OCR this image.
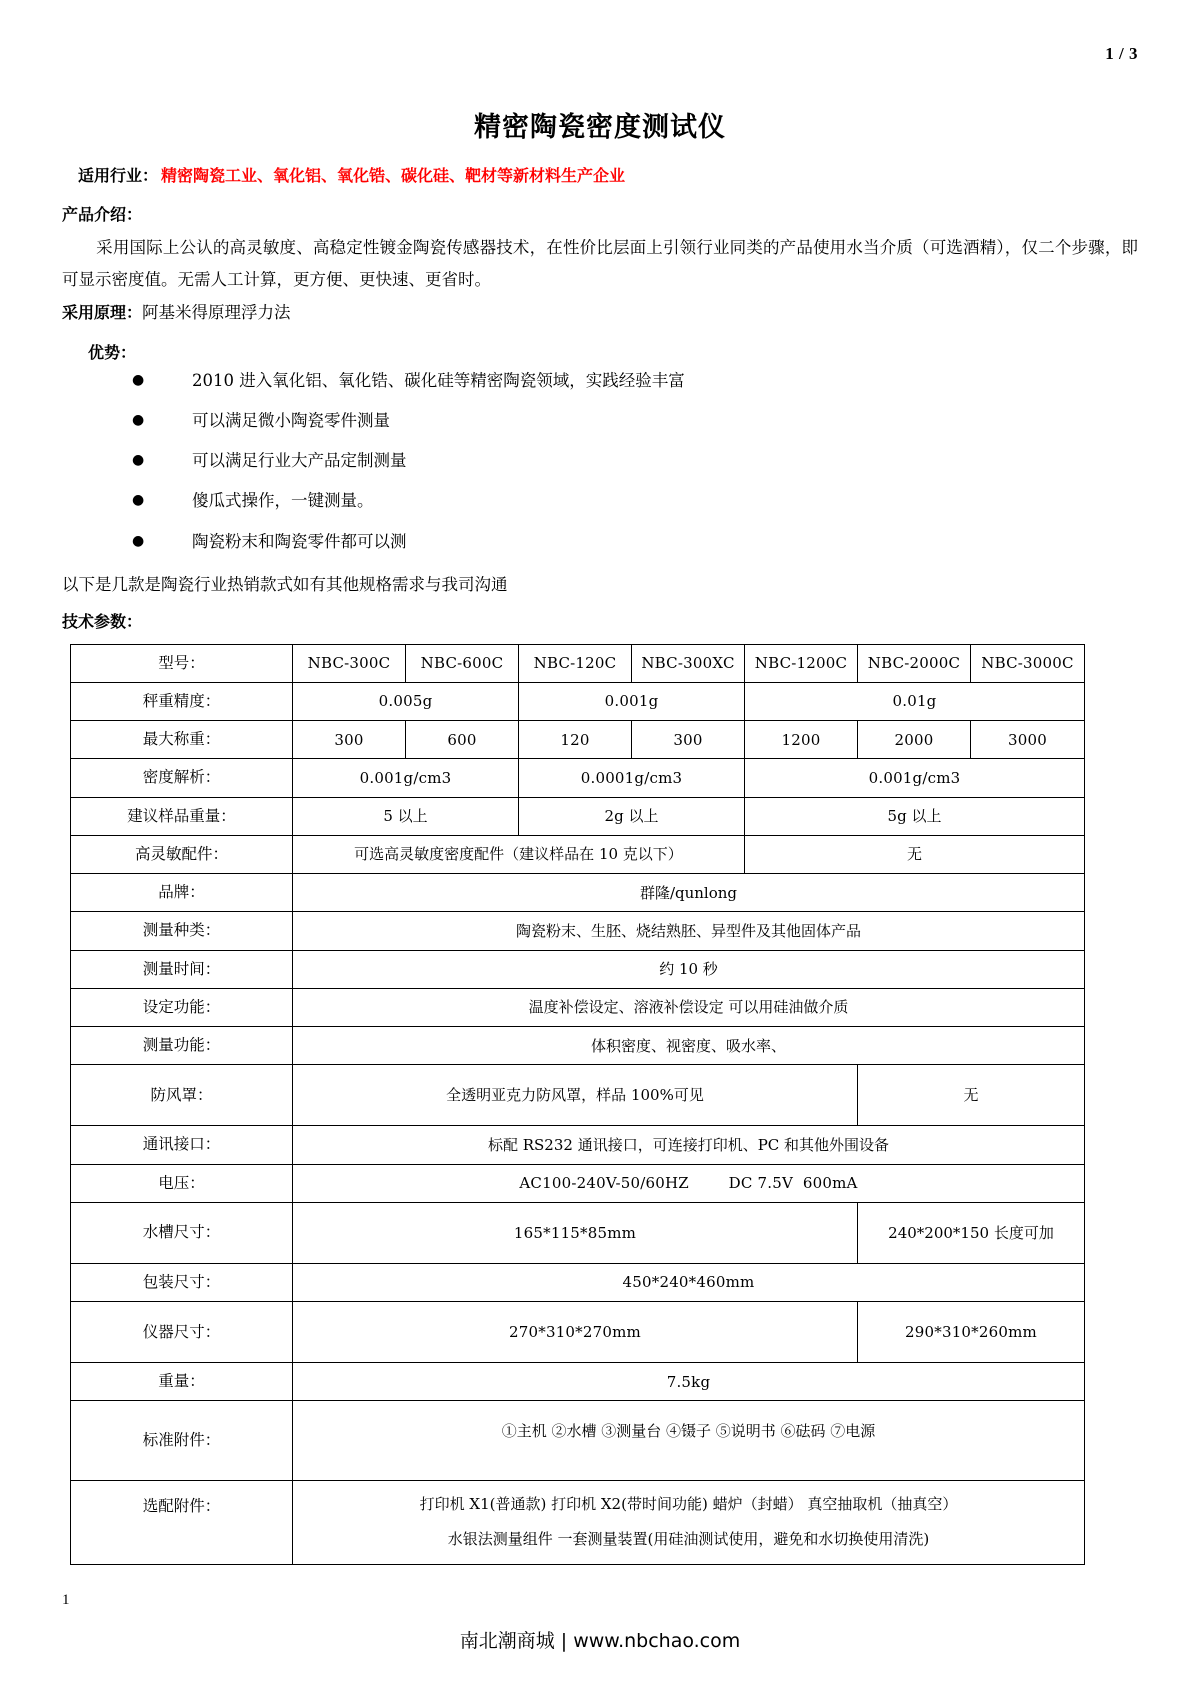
1 / 3
精密陶瓷密度测试仪
适用行业： 精密陶瓷工业、氧化铝、氧化锆、碳化硅、靶材等新材料生产企业
产品介绍：

采用国际上公认的高灵敏度、高稳定性镀金陶瓷传感器技术，在性价比层面上引领行业同类的产品使用水当介质（可选酒精），仅二个步骤，即可显示密度值。无需人工计算，更方便、更快速、更省时。

采用原理：阿基米得原理浮力法
优势：
●	2010 进入氧化铝、氧化锆、碳化硅等精密陶瓷领域，实践经验丰富
●	可以满足微小陶瓷零件测量
●	可以满足行业大产品定制测量
●	傻瓜式操作，一键测量。
●	陶瓷粉末和陶瓷零件都可以测
以下是几款是陶瓷行业热销款式如有其他规格需求与我司沟通
技术参数：
型号：	NBC-300C	NBC-600C	NBC-120C	NBC-300XC	NBC-1200C	NBC-2000C	NBC-3000C
秤重精度：	0.005g		0.001g		0.01g		
最大称重：	300	600	120	300	1200	2000	3000
密度解析：	0.001g/cm3		0.0001g/cm3		0.001g/cm3		
建议样品重量：	5 以上		2g 以上		5g 以上		
高灵敏配件：	可选高灵敏度密度配件（建议样品在 10 克以下）				无		
品牌：	群隆/qunlong						
测量种类：	陶瓷粉末、生胚、烧结熟胚、异型件及其他固体产品						
测量时间：	约 10 秒						
设定功能：	温度补偿设定、溶液补偿设定 可以用硅油做介质						
测量功能：	体积密度、视密度、吸水率、						
防风罩：	全透明亚克力防风罩，样品 100%可见					无	
通讯接口：	标配 RS232 通讯接口，可连接打印机、PC 和其他外围设备						
电压：	AC100-240V-50/60HZ        DC 7.5V  600mA						
水槽尺寸：	165*115*85mm					240*200*150 长度可加	
包装尺寸：	450*240*460mm						
仪器尺寸：	270*310*270mm					290*310*260mm	
重量：	7.5kg						
标准附件：	①主机 ②水槽 ③测量台 ④镊子 ⑤说明书 ⑥砝码 ⑦电源						
选配附件：	打印机 X1(普通款) 打印机 X2(带时间功能) 蜡炉（封蜡） 真空抽取机（抽真空）
水银法测量组件 一套测量装置(用硅油测试使用，避免和水切换使用清洗)						
1
南北潮商城 | www.nbchao.com
